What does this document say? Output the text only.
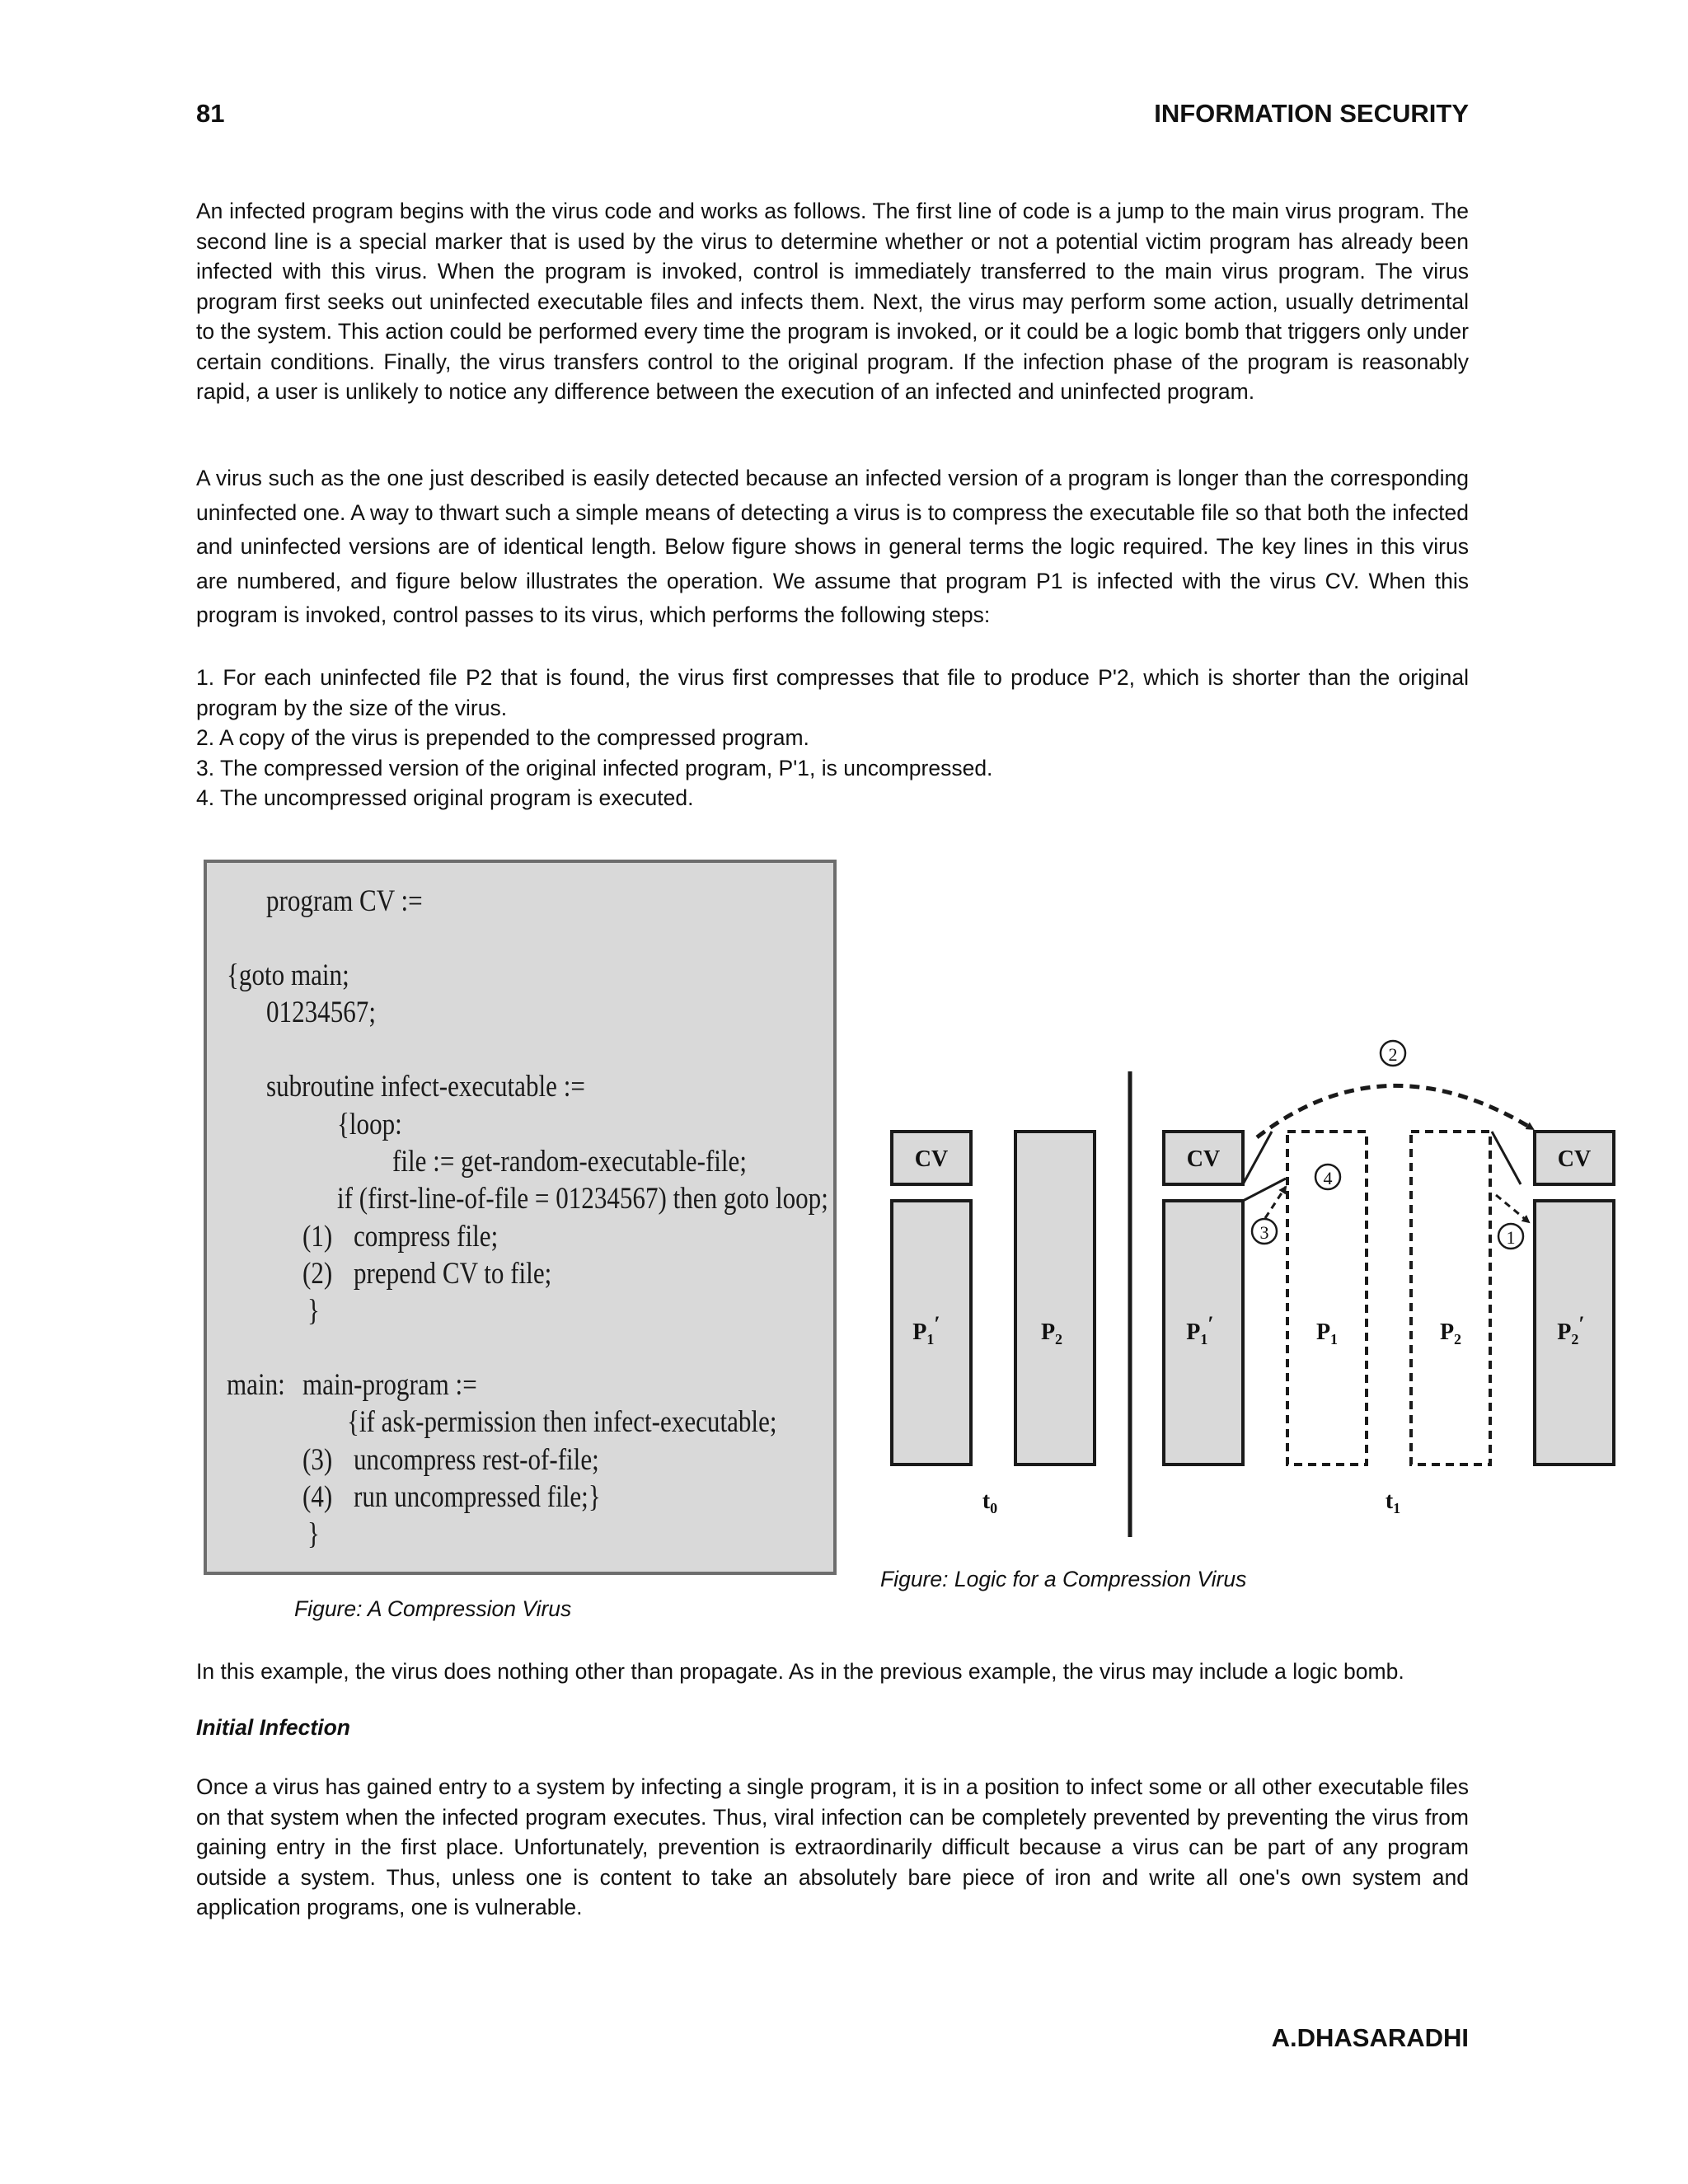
81	INFORMATION SECURITY

An infected program begins with the virus code and works as follows. The first line of code is a jump to the main virus program. The second line is a special marker that is used by the virus to determine whether or not a potential victim program has already been infected with this virus. When the program is invoked, control is immediately transferred to the main virus program. The virus program first seeks out uninfected executable files and infects them. Next, the virus may perform some action, usually detrimental to the system. This action could be performed every time the program is invoked, or it could be a logic bomb that triggers only under certain conditions. Finally, the virus transfers control to the original program. If the infection phase of the program is reasonably rapid, a user is unlikely to notice any difference between the execution of an infected and uninfected program.

A virus such as the one just described is easily detected because an infected version of a program is longer than the corresponding uninfected one. A way to thwart such a simple means of detecting a virus is to compress the executable file so that both the infected and uninfected versions are of identical length. Below figure shows in general terms the logic required. The key lines in this virus are numbered, and figure below illustrates the operation. We assume that program P1 is infected with the virus CV. When this program is invoked, control passes to its virus, which performs the following steps:

1. For each uninfected file P2 that is found, the virus first compresses that file to produce P'2, which is shorter than the original program by the size of the virus.
2. A copy of the virus is prepended to the compressed program.
3. The compressed version of the original infected program, P'1, is uncompressed.
4. The uncompressed original program is executed.
program CV :=
{goto main;
01234567;
subroutine infect-executable :=
{loop:
file := get-random-executable-file;
if (first-line-of-file = 01234567) then goto loop;
(1) compress file;
(2) prepend CV to file;
}
main: main-program :=
{if ask-permission then infect-executable;
(3) uncompress rest-of-file;
(4) run uncompressed file;}
}
Figure: A Compression Virus
CV
$P_1'$	$P_2$
$t_0$
CV
$P_1'$	$P_1$	$P_2$
CV
$P_2'$
$t_1$
2
4
3	1
Figure: Logic for a Compression Virus

In this example, the virus does nothing other than propagate. As in the previous example, the virus may include a logic bomb.

Initial Infection

Once a virus has gained entry to a system by infecting a single program, it is in a position to infect some or all other executable files on that system when the infected program executes. Thus, viral infection can be completely prevented by preventing the virus from gaining entry in the first place. Unfortunately, prevention is extraordinarily difficult because a virus can be part of any program outside a system. Thus, unless one is content to take an absolutely bare piece of iron and write all one's own system and application programs, one is vulnerable.

A.DHASARADHI
